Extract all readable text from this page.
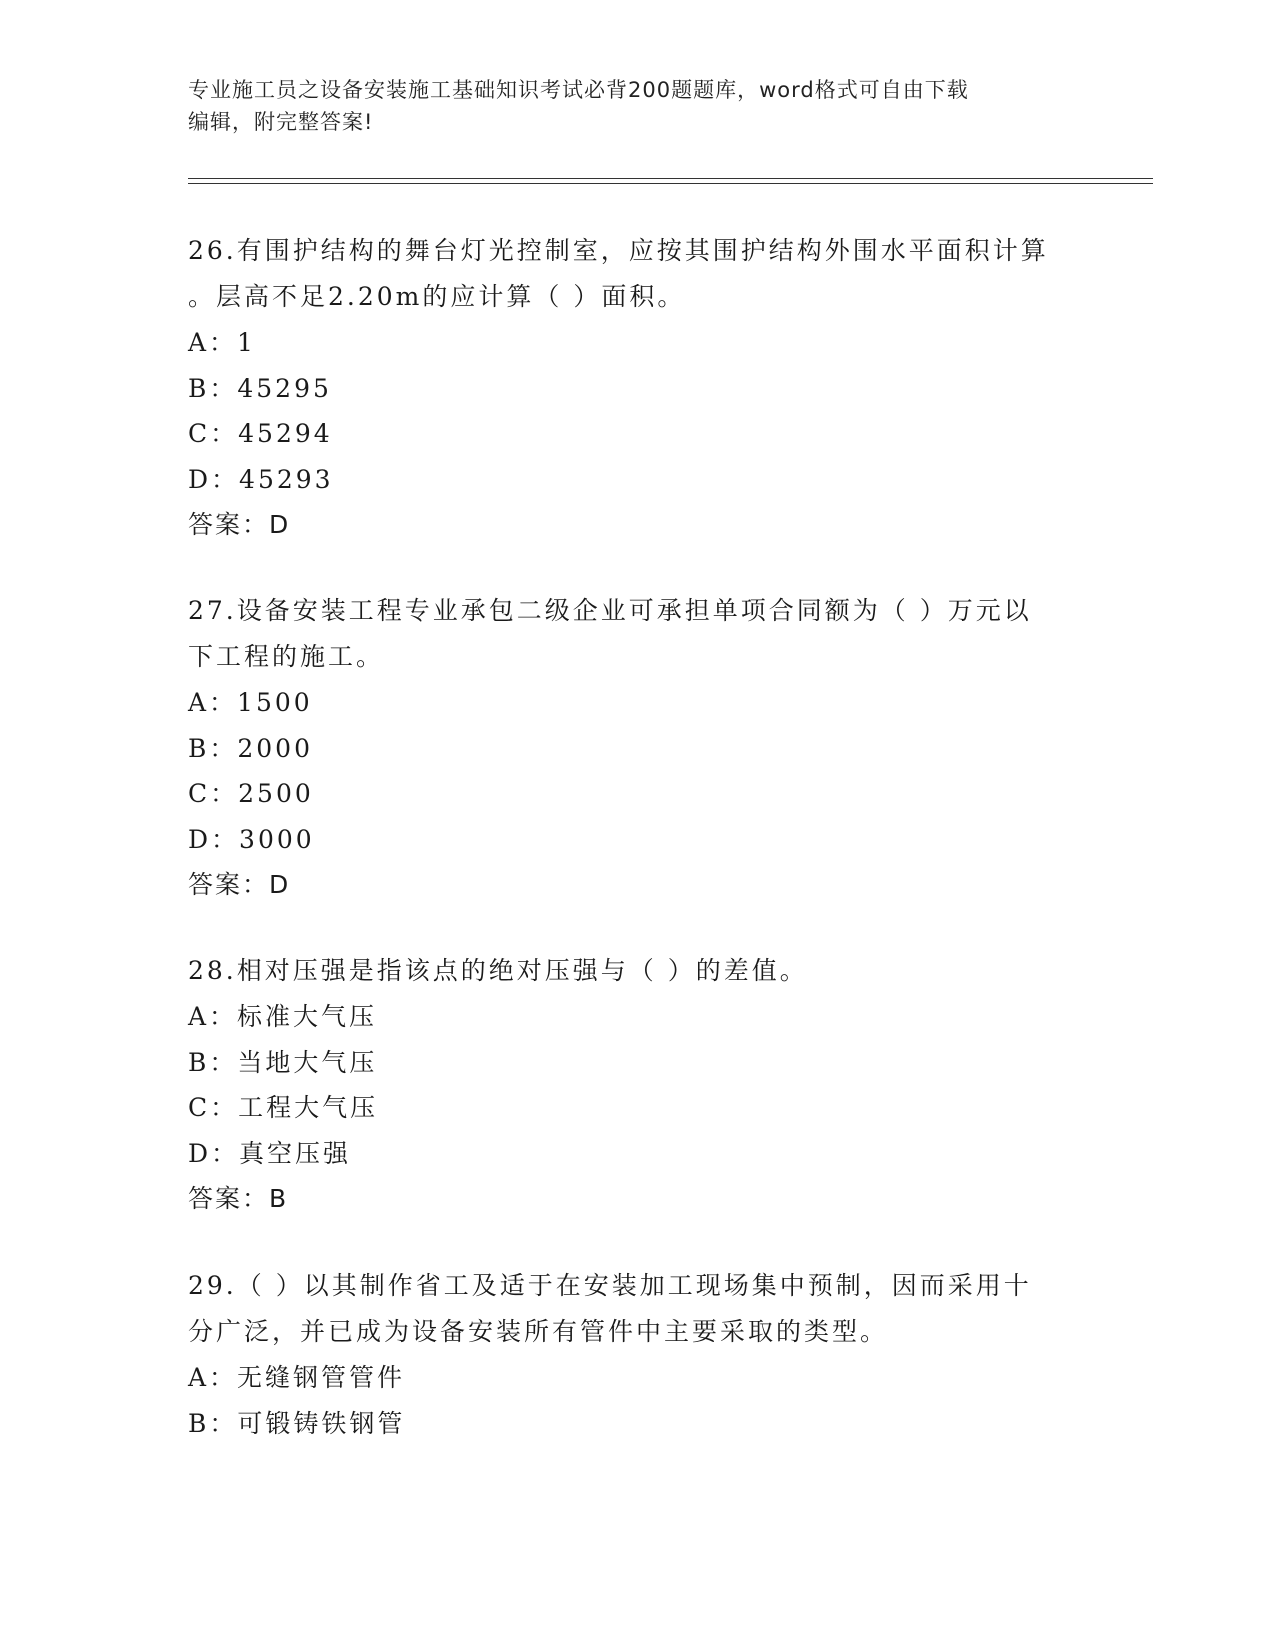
专业施工员之设备安装施工基础知识考试必背200题题库，word格式可自由下载
编辑，附完整答案!

26.有围护结构的舞台灯光控制室，应按其围护结构外围水平面积计算

。层高不足2.20m的应计算（ ）面积。

A：1

B：45295

C：45294

D：45293

答案：D

27.设备安装工程专业承包二级企业可承担单项合同额为（ ）万元以

下工程的施工。

A：1500

B：2000

C：2500

D：3000

答案：D

28.相对压强是指该点的绝对压强与（ ）的差值。

A：标准大气压

B：当地大气压

C：工程大气压

D：真空压强

答案：B

29.（ ）以其制作省工及适于在安装加工现场集中预制，因而采用十

分广泛，并已成为设备安装所有管件中主要采取的类型。

A：无缝钢管管件

B：可锻铸铁钢管
